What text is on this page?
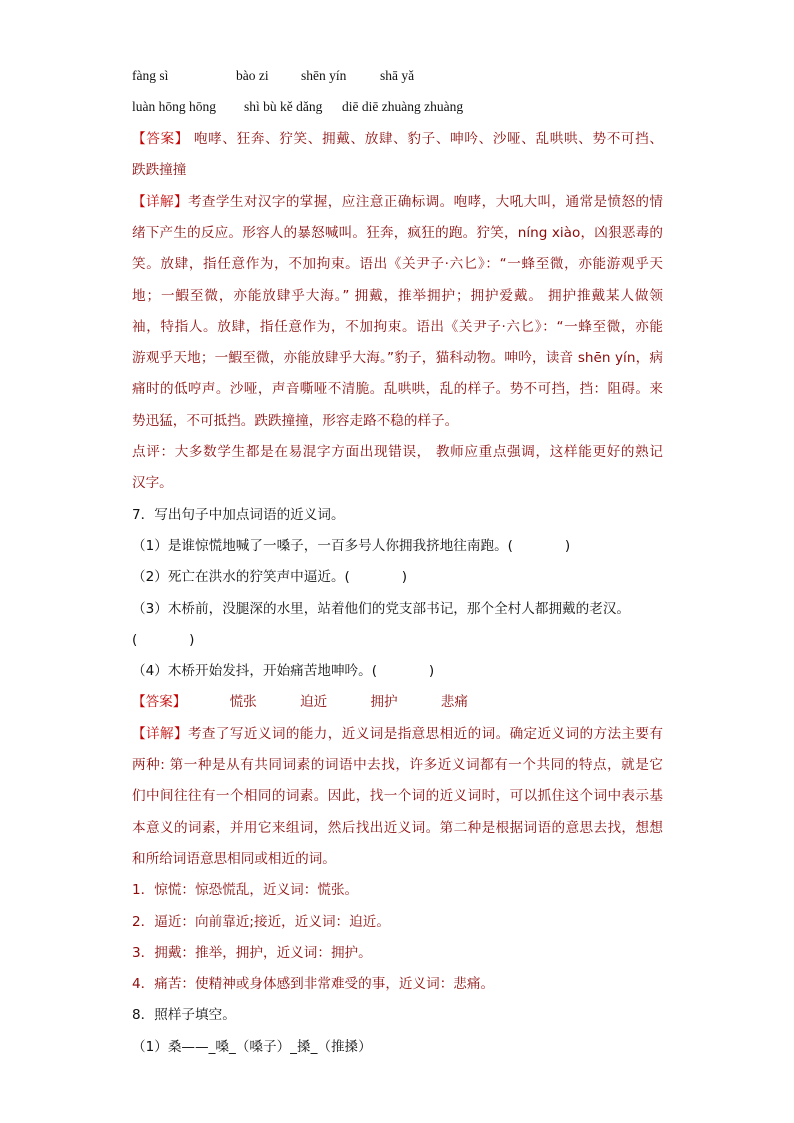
fàng sì	bào zi shēn yín shā yǎ
luàn hōng hōng shì bù kě dǎng diē diē zhuàng zhuàng
【答案】 咆哮、狂奔、狞笑、拥戴、放肆、豹子、呻吟、沙哑、乱哄哄、势不可挡、
跌跌撞撞
【详解】考查学生对汉字的掌握，应注意正确标调。咆哮，大吼大叫，通常是愤怒的情
绪下产生的反应。形容人的暴怒喊叫。狂奔，疯狂的跑。狞笑，níng xiào，凶狠恶毒的
笑。放肆，指任意作为，不加拘束。语出《关尹子·六匕》：“一蜂至微，亦能游观乎天
地；一鰕至微，亦能放肆乎大海。” 拥戴，推举拥护；拥护爱戴。 拥护推戴某人做领
袖，特指人。放肆，指任意作为，不加拘束。语出《关尹子·六匕》：“一蜂至微，亦能
游观乎天地；一鰕至微，亦能放肆乎大海。”豹子，猫科动物。呻吟，读音 shēn yín，病
痛时的低哼声。沙哑，声音嘶哑不清脆。乱哄哄，乱的样子。势不可挡，挡：阻碍。来
势迅猛，不可抵挡。跌跌撞撞，形容走路不稳的样子。
点评：大多数学生都是在易混字方面出现错误， 教师应重点强调，这样能更好的熟记
汉字。
7．写出句子中加点词语的近义词。
（1）是谁惊慌地喊了一嗓子，一百多号人你拥我挤地往南跑。(            )
（2）死亡在洪水的狞笑声中逼近。(            )
（3）木桥前，没腿深的水里，站着他们的党支部书记，那个全村人都拥戴的老汉。
(            )
（4）木桥开始发抖，开始痛苦地呻吟。(            )
【答案】          慌张          迫近          拥护          悲痛
【详解】考查了写近义词的能力，近义词是指意思相近的词。确定近义词的方法主要有
两种: 第一种是从有共同词素的词语中去找，许多近义词都有一个共同的特点，就是它
们中间往往有一个相同的词素。因此，找一个词的近义词时，可以抓住这个词中表示基
本意义的词素，并用它来组词，然后找出近义词。第二种是根据词语的意思去找，想想
和所给词语意思相同或相近的词。
1．惊慌：惊恐慌乱，近义词：慌张。
2．逼近：向前靠近;接近，近义词：迫近。
3．拥戴：推举，拥护，近义词：拥护。
4．痛苦：使精神或身体感到非常难受的事，近义词：悲痛。
8．照样子填空。
（1）桑——_嗓_（嗓子）_搡_（推搡）
